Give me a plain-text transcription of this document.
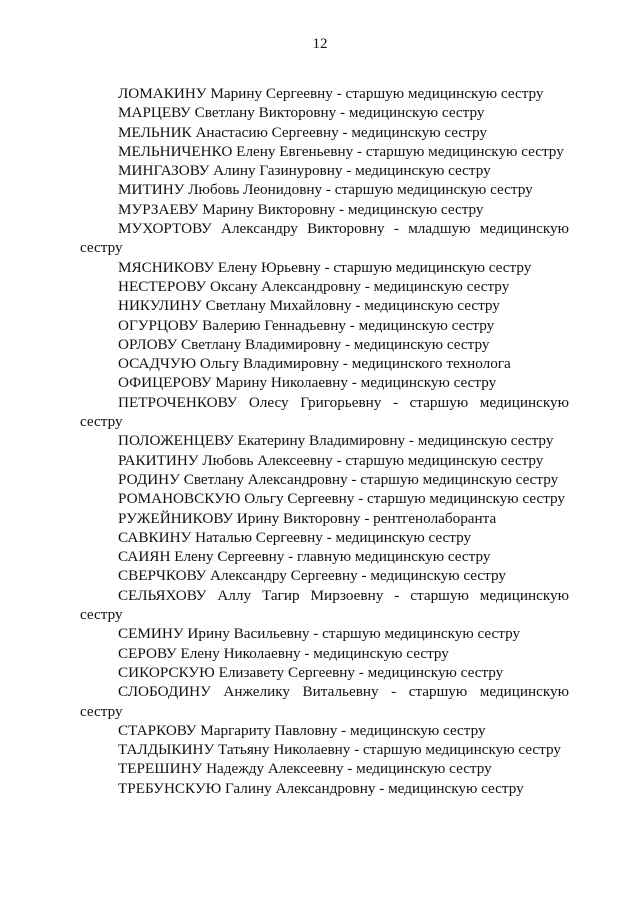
12
ЛОМАКИНУ Марину Сергеевну - старшую медицинскую сестру
МАРЦЕВУ Светлану Викторовну - медицинскую сестру
МЕЛЬНИК Анастасию Сергеевну - медицинскую сестру
МЕЛЬНИЧЕНКО Елену Евгеньевну - старшую медицинскую сестру
МИНГАЗОВУ Алину Газинуровну - медицинскую сестру
МИТИНУ Любовь Леонидовну - старшую медицинскую сестру
МУРЗАЕВУ Марину Викторовну - медицинскую сестру
МУХОРТОВУ Александру Викторовну - младшую медицинскую сестру
МЯСНИКОВУ Елену Юрьевну - старшую медицинскую сестру
НЕСТЕРОВУ Оксану Александровну - медицинскую сестру
НИКУЛИНУ Светлану Михайловну - медицинскую сестру
ОГУРЦОВУ Валерию Геннадьевну - медицинскую сестру
ОРЛОВУ Светлану Владимировну - медицинскую сестру
ОСАДЧУЮ Ольгу Владимировну - медицинского технолога
ОФИЦЕРОВУ Марину Николаевну - медицинскую сестру
ПЕТРОЧЕНКОВУ Олесу Григорьевну - старшую медицинскую сестру
ПОЛОЖЕНЦЕВУ Екатерину Владимировну - медицинскую сестру
РАКИТИНУ Любовь Алексеевну - старшую медицинскую сестру
РОДИНУ Светлану Александровну - старшую медицинскую сестру
РОМАНОВСКУЮ Ольгу Сергеевну - старшую медицинскую сестру
РУЖЕЙНИКОВУ Ирину Викторовну - рентгенолаборанта
САВКИНУ Наталью Сергеевну - медицинскую сестру
САИЯН Елену Сергеевну - главную медицинскую сестру
СВЕРЧКОВУ Александру Сергеевну - медицинскую сестру
СЕЛЬЯХОВУ Аллу Тагир Мирзоевну - старшую медицинскую сестру
СЕМИНУ Ирину Васильевну - старшую медицинскую сестру
СЕРОВУ Елену Николаевну - медицинскую сестру
СИКОРСКУЮ Елизавету Сергеевну - медицинскую сестру
СЛОБОДИНУ Анжелику Витальевну - старшую медицинскую сестру
СТАРКОВУ Маргариту Павловну - медицинскую сестру
ТАЛДЫКИНУ Татьяну Николаевну - старшую медицинскую сестру
ТЕРЕШИНУ Надежду Алексеевну - медицинскую сестру
ТРЕБУНСКУЮ Галину Александровну - медицинскую сестру
